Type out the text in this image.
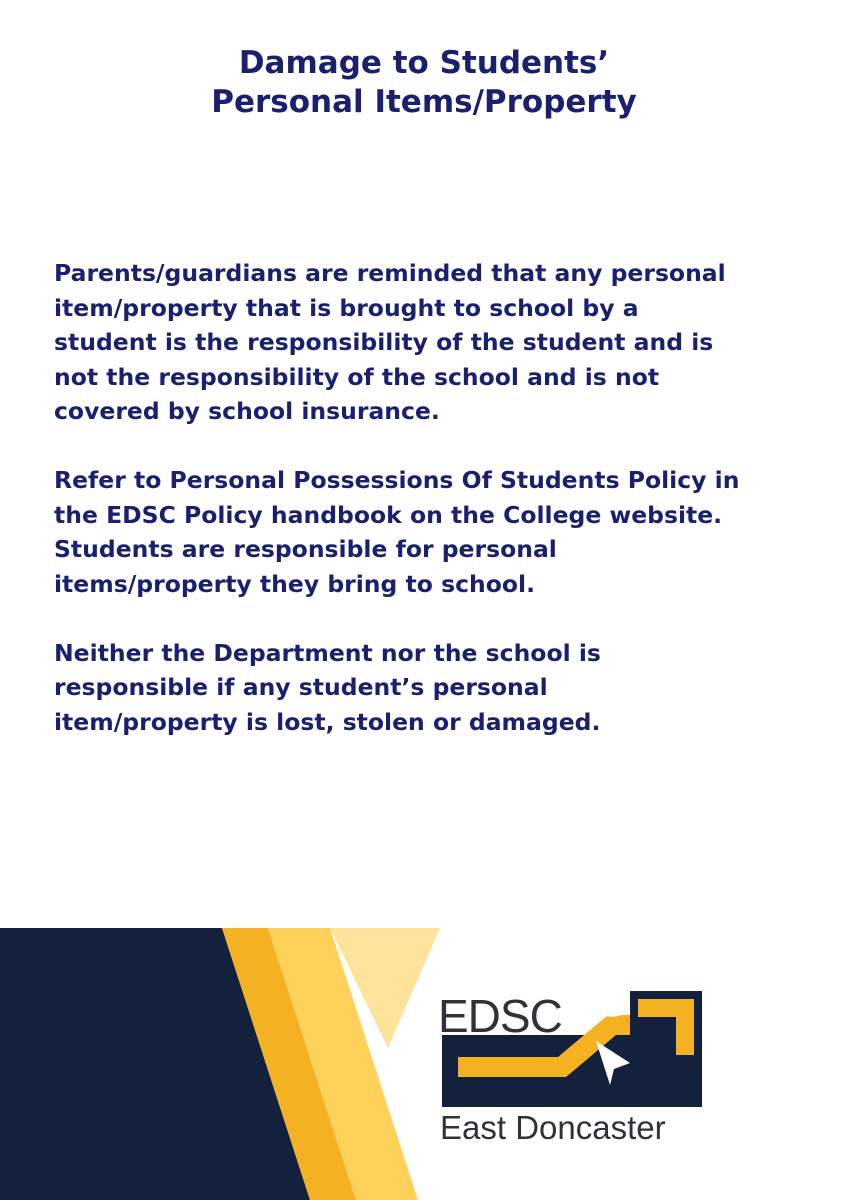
Damage to Students’
Personal Items/Property

Parents/guardians are reminded that any personal
item/property that is brought to school by a
student is the responsibility of the student and is
not the responsibility of the school and is not
covered by school insurance.

Refer to Personal Possessions Of Students Policy in
the EDSC Policy handbook on the College website.
Students are responsible for personal
items/property they bring to school.

Neither the Department nor the school is
responsible if any student’s personal
item/property is lost, stolen or damaged.

EDSC
East Doncaster
